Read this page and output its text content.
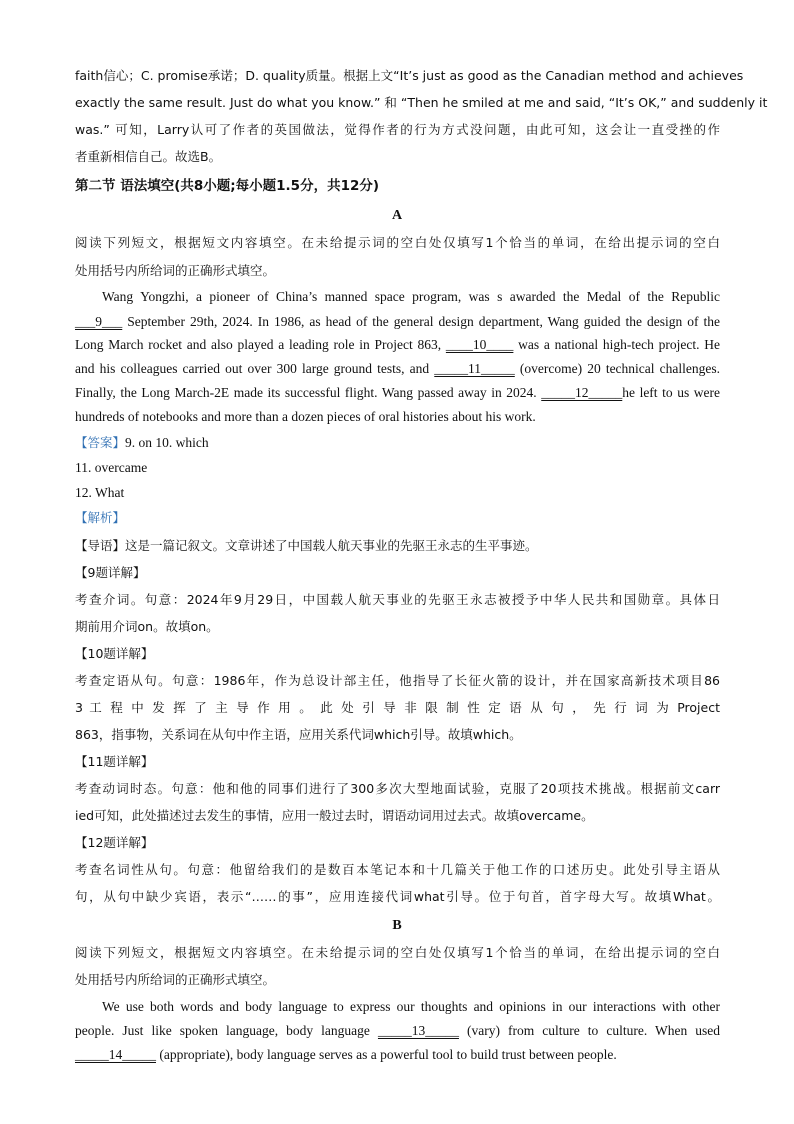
faith信心；C. promise承诺；D. quality质量。根据上文“It’s just as good as the Canadian method and achieves
exactly the same result. Just do what you know.” 和 “Then he smiled at me and said, “It’s OK,” and suddenly it
was.” 可知，Larry认可了作者的英国做法，觉得作者的行为方式没问题，由此可知，这会让一直受挫的作
者重新相信自己。故选B。
第二节 语法填空(共8小题;每小题1.5分，共12分)
A
阅读下列短文，根据短文内容填空。在未给提示词的空白处仅填写1个恰当的单词，在给出提示词的空白
处用括号内所给词的正确形式填空。
Wang Yongzhi, a pioneer of China’s manned space program, was s awarded the Medal of the Republic
___9___ September 29th, 2024. In 1986, as head of the general design department, Wang guided the design of the
Long March rocket and also played a leading role in Project 863, ____10____ was a national high-tech project. He
and his colleagues carried out over 300 large ground tests, and _____11_____ (overcome) 20 technical challenges.
Finally, the Long March-2E made its successful flight. Wang passed away in 2024. _____12_____he left to us were
hundreds of notebooks and more than a dozen pieces of oral histories about his work.
【答案】9. on 10. which
11. overcame
12. What
【解析】
【导语】这是一篇记叙文。文章讲述了中国载人航天事业的先驱王永志的生平事迹。
【9题详解】
考查介词。句意：2024年9月29日，中国载人航天事业的先驱王永志被授予中华人民共和国勋章。具体日
期前用介词on。故填on。
【10题详解】
考查定语从句。句意：1986年，作为总设计部主任，他指导了长征火箭的设计，并在国家高新技术项目86
3 工 程 中 发 挥 了 主 导 作 用 。 此 处 引 导 非 限 制 性 定 语 从 句 ， 先 行 词 为 Project
863，指事物，关系词在从句中作主语，应用关系代词which引导。故填which。
【11题详解】
考查动词时态。句意：他和他的同事们进行了300多次大型地面试验，克服了20项技术挑战。根据前文carr
ied可知，此处描述过去发生的事情，应用一般过去时，谓语动词用过去式。故填overcame。
【12题详解】
考查名词性从句。句意：他留给我们的是数百本笔记本和十几篇关于他工作的口述历史。此处引导主语从
句，从句中缺少宾语，表示“……的事”，应用连接代词what引导。位于句首，首字母大写。故填What。
B
阅读下列短文，根据短文内容填空。在未给提示词的空白处仅填写1个恰当的单词，在给出提示词的空白
处用括号内所给词的正确形式填空。
We use both words and body language to express our thoughts and opinions in our interactions with other
people. Just like spoken language, body language _____13_____ (vary) from culture to culture. When used
_____14_____ (appropriate), body language serves as a powerful tool to build trust between people.
